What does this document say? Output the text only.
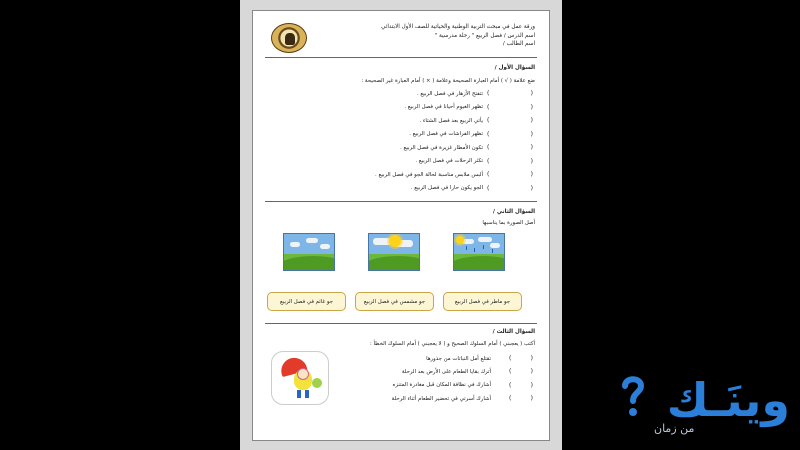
ورقة عمل في مبحث التربية الوطنية والحياتية للصف الأول الابتدائي
اسم الدرس / فصل الربيع " رحلة مدرسية "
اسم الطالب /
السؤال الأول /
ضع علامة ( √ ) أمام العبارة الصحيحة وعلامة ( × ) أمام العبارة غير الصحيحة :
(
)
تتفتح الأزهار في فصل الربيع .
(
)
تظهر الغيوم أحيانا في فصل الربيع .
(
)
يأتي الربيع بعد فصل الشتاء .
(
)
تظهر الفراشات في فصل الربيع .
(
)
تكون الأمطار غزيرة في فصل الربيع .
(
)
تكثر الرحلات في فصل الربيع .
(
)
ألبس ملابس مناسبة لحالة الجو في فصل الربيع .
(
)
الجو يكون حارا في فصل الربيع .
السؤال الثاني /
أصل الصورة بما يناسبها
جو ماطر في فصل الربيع
جو مشمس في فصل الربيع
جو غائم في فصل الربيع
السؤال الثالث /
أكتب ( يعجبني ) أمام السلوك الصحيح و ( لا يعجبني ) أمام السلوك الخطأ :
(
)
تقتلع أمل النباتات من جذورها
(
)
أترك بقايا الطعام على الأرض بعد الرحلة
(
)
أشارك في نظافة المكان قبل مغادرة المتنزه
(
)
أشارك أسرتي في تحضير الطعام أثناء الرحلة	وينَـك
من زمان
